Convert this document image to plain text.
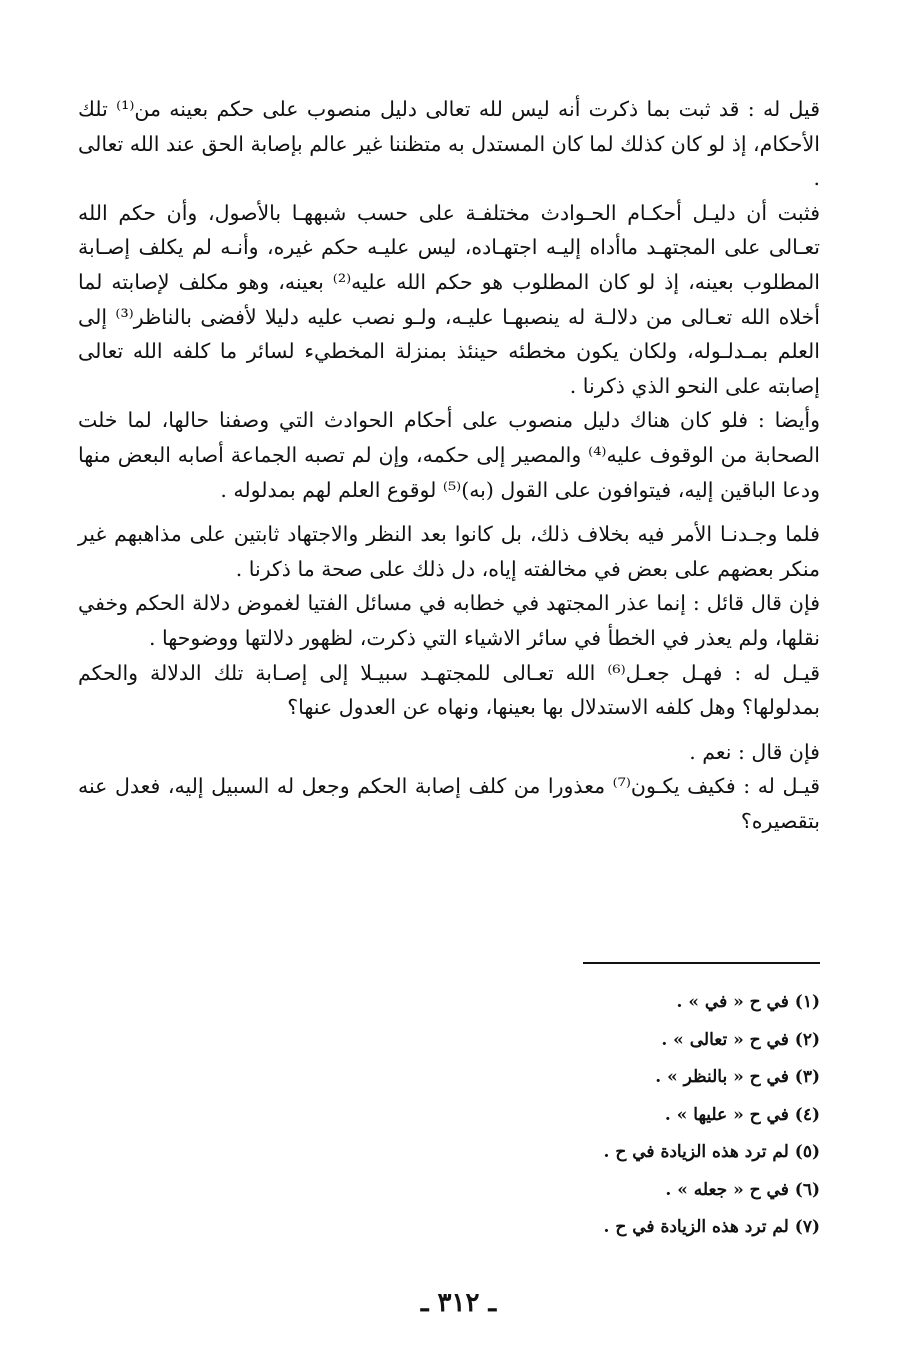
قيل له : قد ثبت بما ذكرت أنه ليس لله تعالى دليل منصوب على حكم بعينه من⁽¹⁾ تلك الأحكام، إذ لو كان كذلك لما كان المستدل به متظننا غير عالم بإصابة الحق عند الله تعالى .

فثبت أن دليـل أحكـام الحـوادث مختلفـة على حسب شبههـا بالأصول، وأن حكم الله تعـالى على المجتهـد ماأداه إليـه اجتهـاده، ليس عليـه حكم غيره، وأنـه لم يكلف إصـابة المطلوب بعينه، إذ لو كان المطلوب هو حكم الله عليه⁽²⁾ بعينه، وهو مكلف لإصابته لما أخلاه الله تعـالى من دلالـة له ينصبهـا عليـه، ولـو نصب عليه دليلا لأفضى بالناظر⁽³⁾ إلى العلم بمـدلـوله، ولكان يكون مخطئه حينئذ بمنزلة المخطيء لسائر ما كلفه الله تعالى إصابته على النحو الذي ذكرنا .

وأيضا : فلو كان هناك دليل منصوب على أحكام الحوادث التي وصفنا حالها، لما خلت الصحابة من الوقوف عليه⁽⁴⁾ والمصير إلى حكمه، وإن لم تصبه الجماعة أصابه البعض منها ودعا الباقين إليه، فيتوافون على القول (به)⁽⁵⁾ لوقوع العلم لهم بمدلوله .

فلما وجـدنـا الأمر فيه بخلاف ذلك، بل كانوا بعد النظر والاجتهاد ثابتين على مذاهبهم غير منكر بعضهم على بعض في مخالفته إياه، دل ذلك على صحة ما ذكرنا .

فإن قال قائل : إنما عذر المجتهد في خطابه في مسائل الفتيا لغموض دلالة الحكم وخفي نقلها، ولم يعذر في الخطأ في سائر الاشياء التي ذكرت، لظهور دلالتها ووضوحها .

قيـل له : فهـل جعـل⁽⁶⁾ الله تعـالى للمجتهـد سبيـلا إلى إصـابة تلك الدلالة والحكم بمدلولها؟ وهل كلفه الاستدلال بها بعينها، ونهاه عن العدول عنها؟

فإن قال : نعم .

قيـل له : فكيف يكـون⁽⁷⁾ معذورا من كلف إصابة الحكم وجعل له السبيل إليه، فعدل عنه بتقصيره؟

(١) في ح « في » .
(٢) في ح « تعالى » .
(٣) في ح « بالنظر » .
(٤) في ح « عليها » .
(٥) لم ترد هذه الزيادة في ح .
(٦) في ح « جعله » .
(٧) لم ترد هذه الزيادة في ح .
ـ ٣١٢ ـ
